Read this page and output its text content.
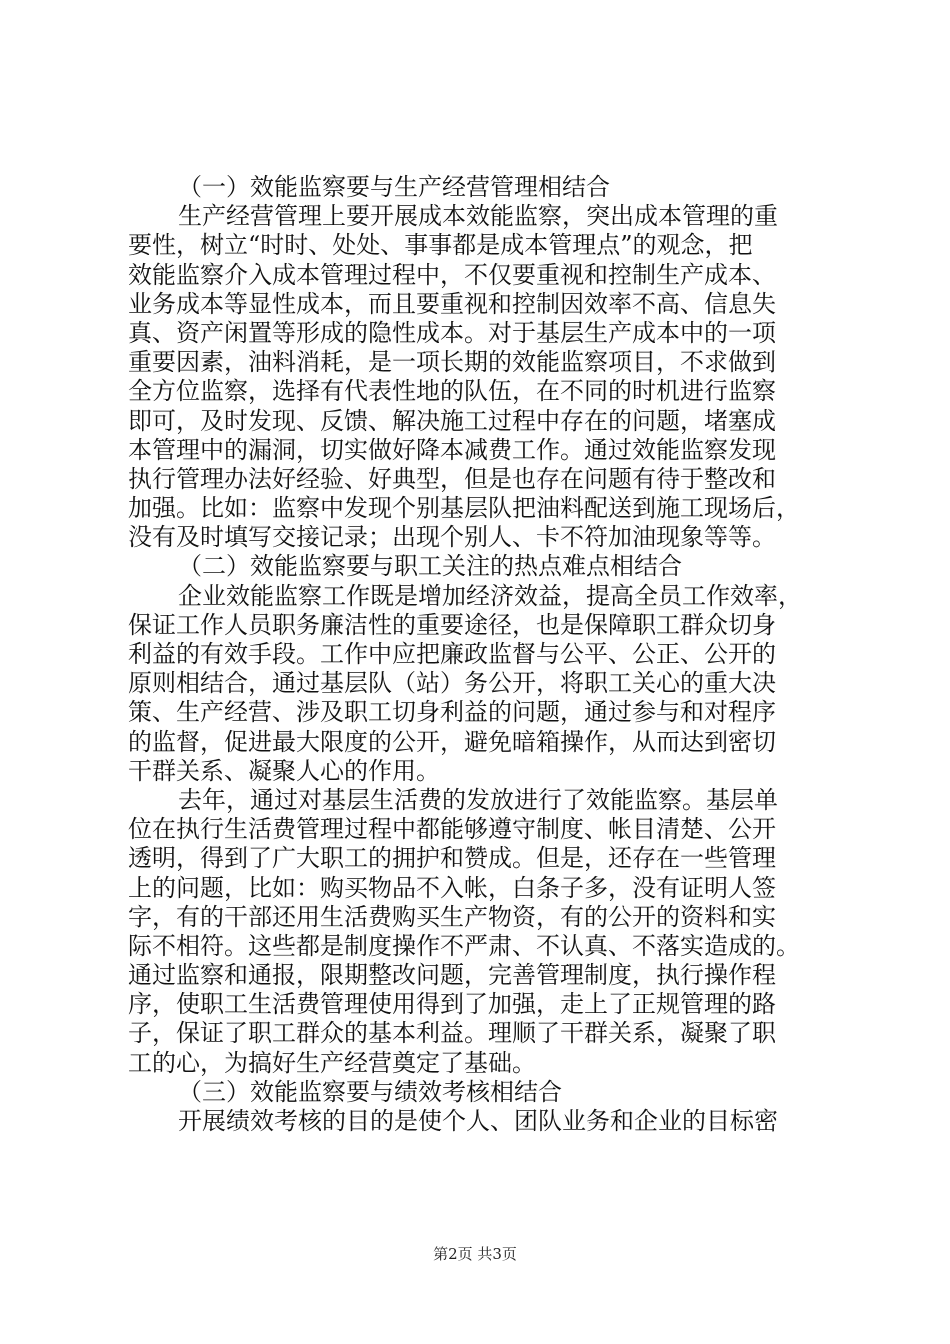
（一）效能监察要与生产经营管理相结合
生产经营管理上要开展成本效能监察，突出成本管理的重
要性，树立“时时、处处、事事都是成本管理点”的观念，把
效能监察介入成本管理过程中，不仅要重视和控制生产成本、
业务成本等显性成本，而且要重视和控制因效率不高、信息失
真、资产闲置等形成的隐性成本。对于基层生产成本中的一项
重要因素，油料消耗，是一项长期的效能监察项目，不求做到
全方位监察，选择有代表性地的队伍，在不同的时机进行监察
即可，及时发现、反馈、解决施工过程中存在的问题，堵塞成
本管理中的漏洞，切实做好降本减费工作。通过效能监察发现
执行管理办法好经验、好典型，但是也存在问题有待于整改和
加强。比如：监察中发现个别基层队把油料配送到施工现场后，
没有及时填写交接记录；出现个别人、卡不符加油现象等等。
（二）效能监察要与职工关注的热点难点相结合
企业效能监察工作既是增加经济效益，提高全员工作效率，
保证工作人员职务廉洁性的重要途径，也是保障职工群众切身
利益的有效手段。工作中应把廉政监督与公平、公正、公开的
原则相结合，通过基层队（站）务公开，将职工关心的重大决
策、生产经营、涉及职工切身利益的问题，通过参与和对程序
的监督，促进最大限度的公开，避免暗箱操作，从而达到密切
干群关系、凝聚人心的作用。
去年，通过对基层生活费的发放进行了效能监察。基层单
位在执行生活费管理过程中都能够遵守制度、帐目清楚、公开
透明，得到了广大职工的拥护和赞成。但是，还存在一些管理
上的问题，比如：购买物品不入帐，白条子多，没有证明人签
字，有的干部还用生活费购买生产物资，有的公开的资料和实
际不相符。这些都是制度操作不严肃、不认真、不落实造成的。
通过监察和通报，限期整改问题，完善管理制度，执行操作程
序，使职工生活费管理使用得到了加强，走上了正规管理的路
子，保证了职工群众的基本利益。理顺了干群关系，凝聚了职
工的心，为搞好生产经营奠定了基础。
（三）效能监察要与绩效考核相结合
开展绩效考核的目的是使个人、团队业务和企业的目标密
第2页 共3页
